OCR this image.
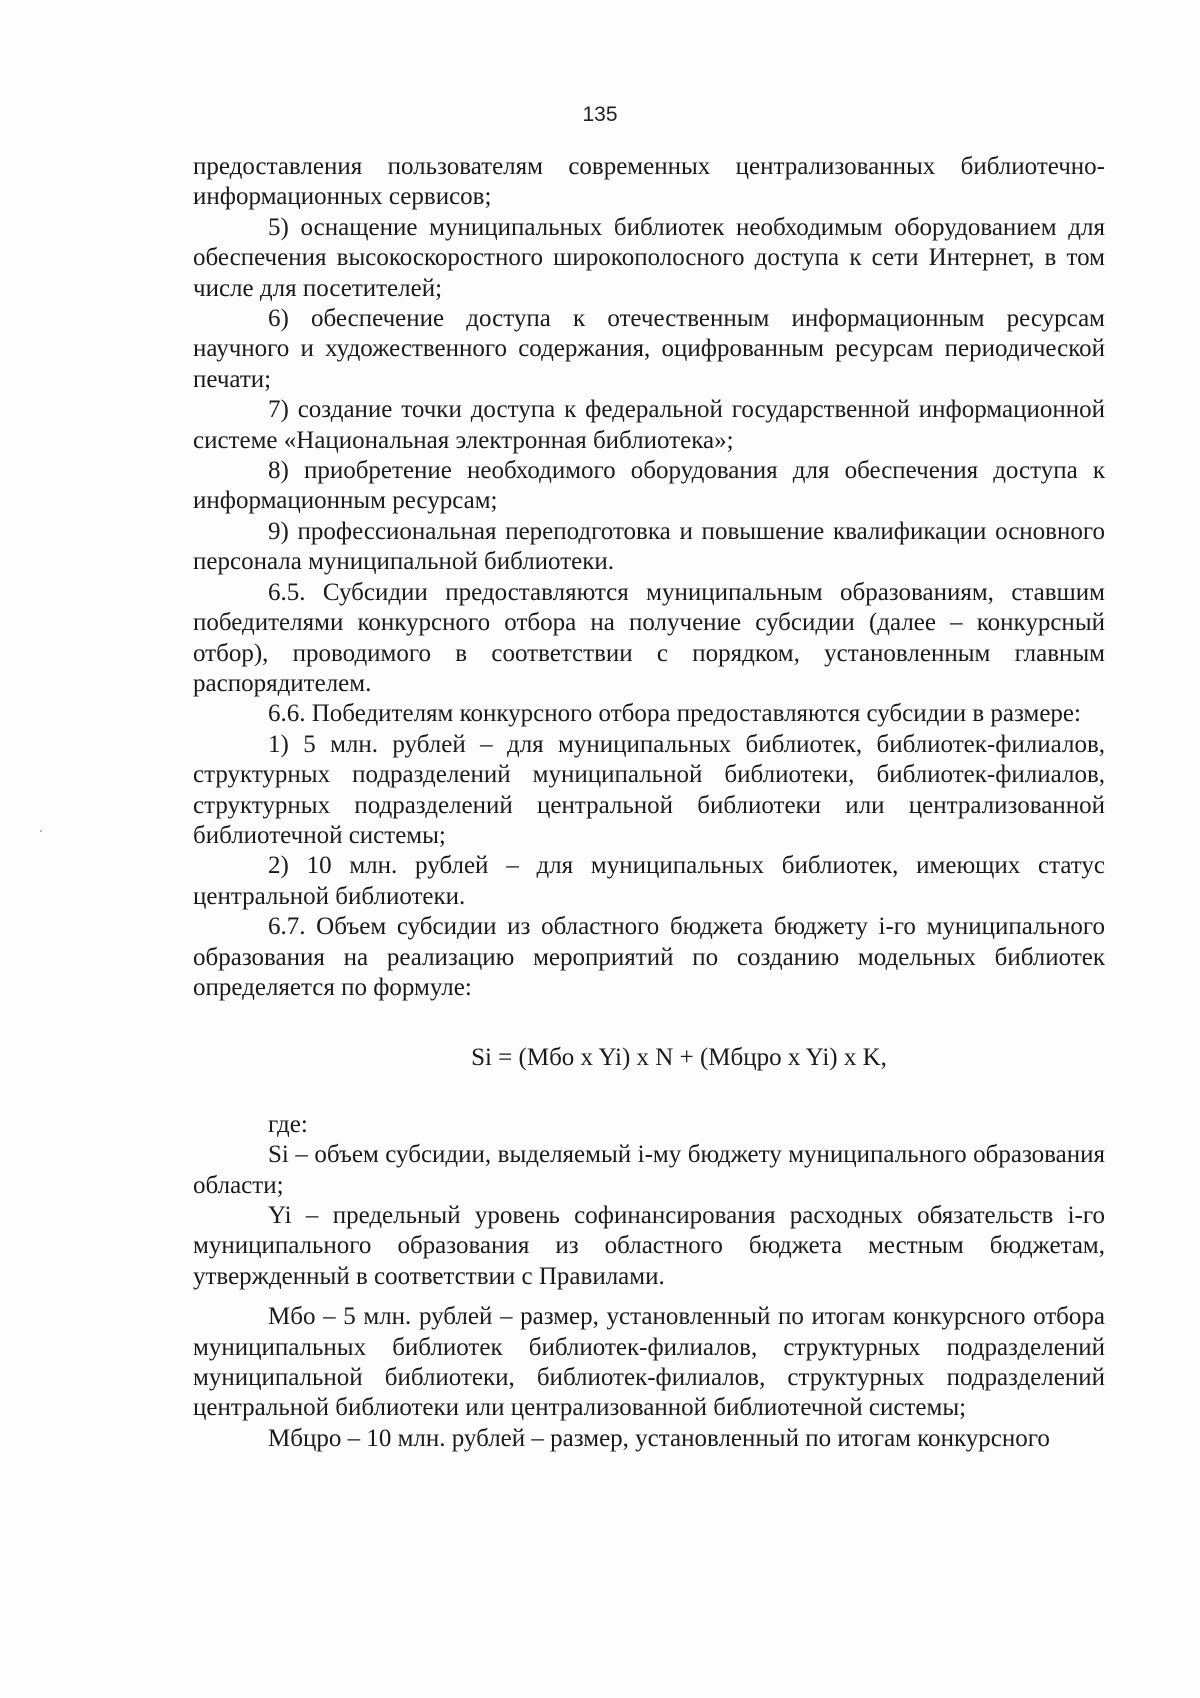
135

предоставления пользователям современных централизованных библиотечно-информационных сервисов;

5) оснащение муниципальных библиотек необходимым оборудованием для обеспечения высокоскоростного широкополосного доступа к сети Интернет, в том числе для посетителей;

6) обеспечение доступа к отечественным информационным ресурсам научного и художественного содержания, оцифрованным ресурсам периодической печати;

7) создание точки доступа к федеральной государственной информационной системе «Национальная электронная библиотека»;

8) приобретение необходимого оборудования для обеспечения доступа к информационным ресурсам;

9) профессиональная переподготовка и повышение квалификации основного персонала муниципальной библиотеки.

6.5. Субсидии предоставляются муниципальным образованиям, ставшим победителями конкурсного отбора на получение субсидии (далее – конкурсный отбор), проводимого в соответствии с порядком, установленным главным распорядителем.

6.6. Победителям конкурсного отбора предоставляются субсидии в размере:

1) 5 млн. рублей – для муниципальных библиотек, библиотек-филиалов, структурных подразделений муниципальной библиотеки, библиотек-филиалов, структурных подразделений центральной библиотеки или централизованной библиотечной системы;

2) 10 млн. рублей – для муниципальных библиотек, имеющих статус центральной библиотеки.

6.7. Объем субсидии из областного бюджета бюджету i-го муниципального образования на реализацию мероприятий по созданию модельных библиотек определяется по формуле:

Si = (Мбо x Yi) x N + (Мбцро x Yi) x K,

где:

Si – объем субсидии, выделяемый i-му бюджету муниципального образования области;

Yi – предельный уровень софинансирования расходных обязательств i-го муниципального образования из областного бюджета местным бюджетам, утвержденный в соответствии с Правилами.

Мбо – 5 млн. рублей – размер, установленный по итогам конкурсного отбора муниципальных библиотек библиотек-филиалов, структурных подразделений муниципальной библиотеки, библиотек-филиалов, структурных подразделений центральной библиотеки или централизованной библиотечной системы;

Мбцро – 10 млн. рублей – размер, установленный по итогам конкурсного
